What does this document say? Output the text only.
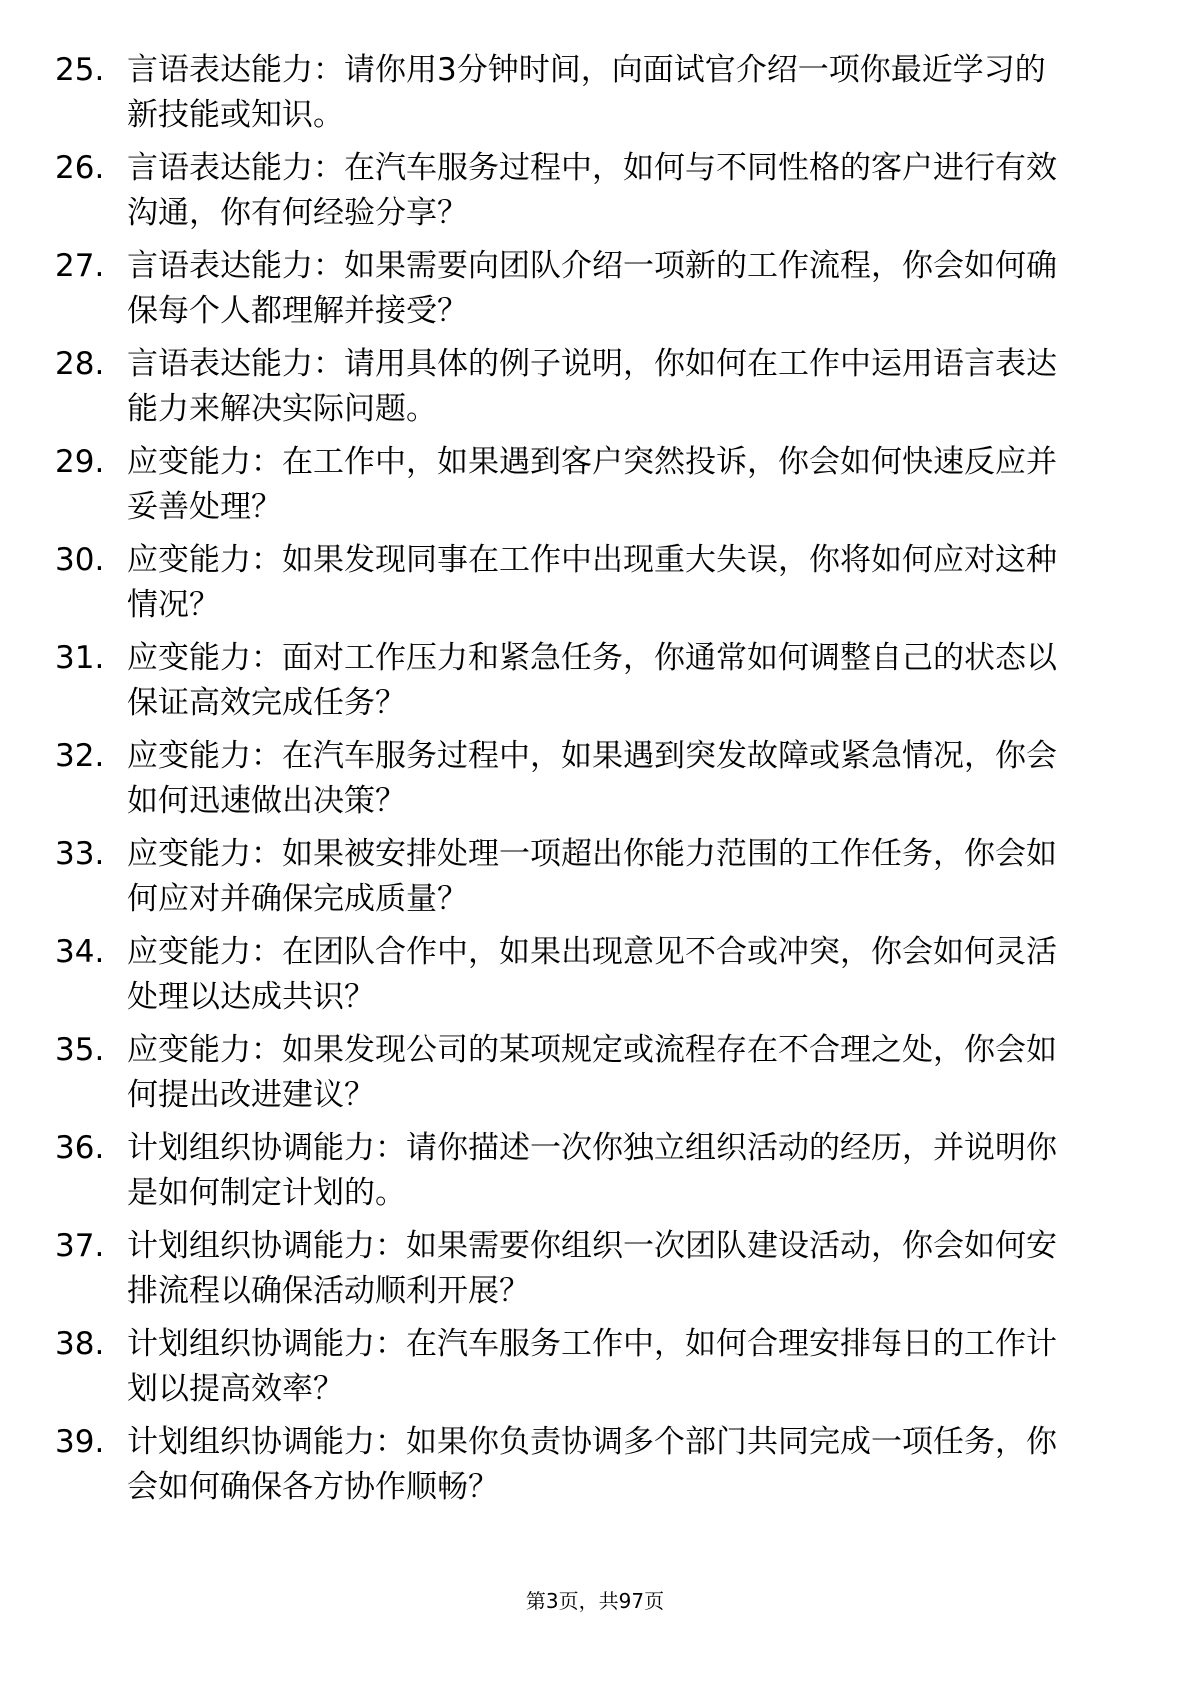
25. 言语表达能力：请你用3分钟时间，向面试官介绍一项你最近学习的新技能或知识。
26. 言语表达能力：在汽车服务过程中，如何与不同性格的客户进行有效沟通，你有何经验分享？
27. 言语表达能力：如果需要向团队介绍一项新的工作流程，你会如何确保每个人都理解并接受？
28. 言语表达能力：请用具体的例子说明，你如何在工作中运用语言表达能力来解决实际问题。
29. 应变能力：在工作中，如果遇到客户突然投诉，你会如何快速反应并妥善处理？
30. 应变能力：如果发现同事在工作中出现重大失误，你将如何应对这种情况？
31. 应变能力：面对工作压力和紧急任务，你通常如何调整自己的状态以保证高效完成任务？
32. 应变能力：在汽车服务过程中，如果遇到突发故障或紧急情况，你会如何迅速做出决策？
33. 应变能力：如果被安排处理一项超出你能力范围的工作任务，你会如何应对并确保完成质量？
34. 应变能力：在团队合作中，如果出现意见不合或冲突，你会如何灵活处理以达成共识？
35. 应变能力：如果发现公司的某项规定或流程存在不合理之处，你会如何提出改进建议？
36. 计划组织协调能力：请你描述一次你独立组织活动的经历，并说明你是如何制定计划的。
37. 计划组织协调能力：如果需要你组织一次团队建设活动，你会如何安排流程以确保活动顺利开展？
38. 计划组织协调能力：在汽车服务工作中，如何合理安排每日的工作计划以提高效率？
39. 计划组织协调能力：如果你负责协调多个部门共同完成一项任务，你会如何确保各方协作顺畅？
第3页，共97页
